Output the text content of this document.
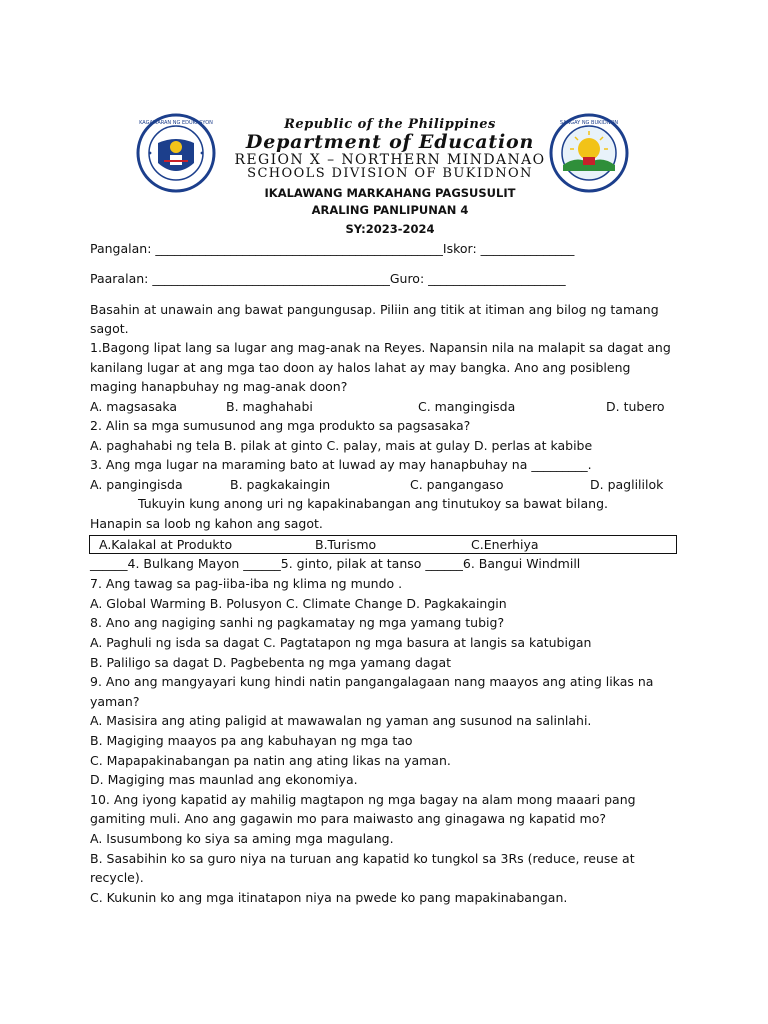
KAGAWARAN NG EDUKASYON	SANGAY NG BUKIDNON
Republic of the Philippines
Department of Education
REGION X – NORTHERN MINDANAO
SCHOOLS DIVISION OF BUKIDNON
IKALAWANG MARKAHANG PAGSUSULIT
ARALING PANLIPUNAN 4
SY:2023-2024
Pangalan: ______________________________________________Iskor: _______________
Paaralan: ______________________________________Guro: ______________________
Basahin at unawain ang bawat pangungusap. Piliin ang titik at itiman ang bilog ng tamang
sagot.
1.Bagong lipat lang sa lugar ang mag-anak na Reyes. Napansin nila na malapit sa dagat ang
kanilang lugar at ang mga tao doon ay halos lahat ay may bangka. Ano ang posibleng
maging hanapbuhay ng mag-anak doon?
A. magsasaka	B. maghahabi	C. mangingisda	D. tubero
2. Alin sa mga sumusunod ang mga produkto sa pagsasaka?
A. paghahabi ng tela B. pilak at ginto C. palay, mais at gulay D. perlas at kabibe
3. Ang mga lugar na maraming bato at luwad ay may hanapbuhay na _________.
A. pangingisda	B. pagkakaingin	C. pangangaso	D. paglililok
Tukuyin kung anong uri ng kapakinabangan ang tinutukoy sa bawat bilang.
Hanapin sa loob ng kahon ang sagot.
A.Kalakal at Produkto	B.Turismo	C.Enerhiya
______4. Bulkang Mayon ______5. ginto, pilak at tanso ______6. Bangui Windmill
7. Ang tawag sa pag-iiba-iba ng klima ng mundo .
A. Global Warming B. Polusyon C. Climate Change D. Pagkakaingin
8. Ano ang nagiging sanhi ng pagkamatay ng mga yamang tubig?
A. Paghuli ng isda sa dagat C. Pagtatapon ng mga basura at langis sa katubigan
B. Paliligo sa dagat D. Pagbebenta ng mga yamang dagat
9. Ano ang mangyayari kung hindi natin pangangalagaan nang maayos ang ating likas na
yaman?
A. Masisira ang ating paligid at mawawalan ng yaman ang susunod na salinlahi.
B. Magiging maayos pa ang kabuhayan ng mga tao
C. Mapapakinabangan pa natin ang ating likas na yaman.
D. Magiging mas maunlad ang ekonomiya.
10. Ang iyong kapatid ay mahilig magtapon ng mga bagay na alam mong maaari pang
gamiting muli. Ano ang gagawin mo para maiwasto ang ginagawa ng kapatid mo?
A. Isusumbong ko siya sa aming mga magulang.
B. Sasabihin ko sa guro niya na turuan ang kapatid ko tungkol sa 3Rs (reduce, reuse at
recycle).
C. Kukunin ko ang mga itinatapon niya na pwede ko pang mapakinabangan.
